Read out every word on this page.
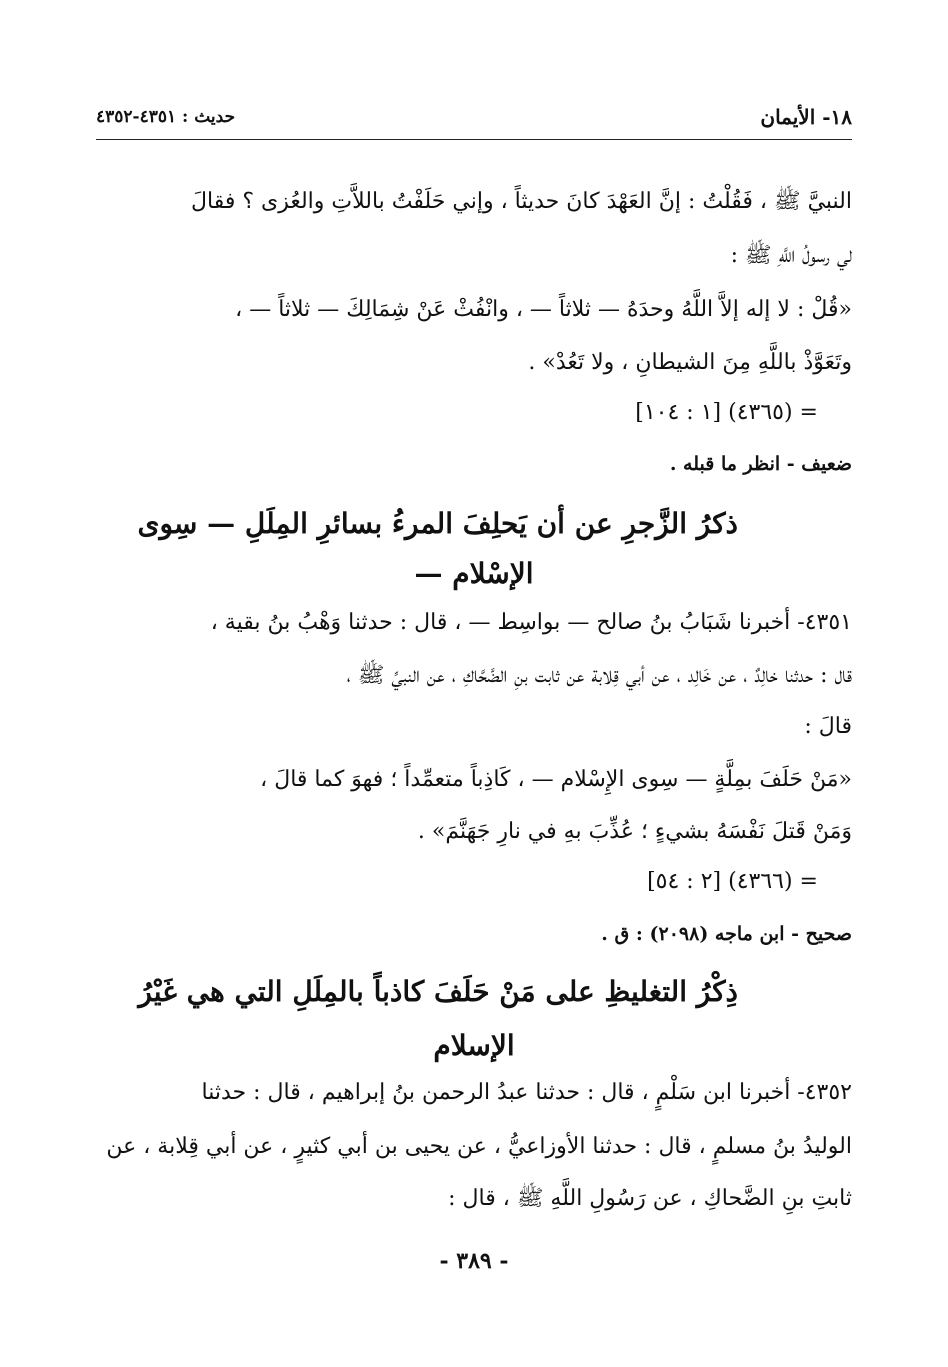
١٨- الأيمان
حديث : ٤٣٥١-٤٣٥٢
النبيَّ ﷺ ، فَقُلْتُ : إنَّ العَهْدَ كانَ حديثاً ، وإني حَلَفْتُ باللاَّتِ والعُزى ؟ فقالَ
لي رسولُ اللَّهِ ﷺ :
«قُلْ : لا إله إلاَّ اللَّهُ وحدَهُ — ثلاثاً — ، وانْفُثْ عَنْ شِمَالِكَ — ثلاثاً — ،
وتَعَوَّذْ باللَّهِ مِنَ الشيطانِ ، ولا تَعُدْ» .
= (٤٣٦٥) [١ : ١٠٤]
ضعيف - انظر ما قبله .
ذكرُ الزَّجرِ عن أن يَحلِفَ المرءُ بسائرِ المِلَلِ — سِوى
الإسْلام —
٤٣٥١- أخبرنا شَبَابُ بنُ صالح — بواسِط — ، قال : حدثنا وَهْبُ بنُ بقية ،
قال : حدثنا خالِدٌ ، عن خَالِد ، عن أبي قِلابة عن ثابت بنِ الضَّحَّاكِ ، عن النبيِّ ﷺ ،
قالَ :
«مَنْ حَلَفَ بمِلَّةٍ — سِوى الإِسْلام — ، كَاذِباً متعمِّداً ؛ فهوَ كما قالَ ،
وَمَنْ قَتلَ نَفْسَهُ بشيءٍ ؛ عُذِّبَ بهِ في نارِ جَهَنَّمَ» .
= (٤٣٦٦) [٢ : ٥٤]
صحيح - ابن ماجه (٢٠٩٨) : ق .
ذِكْرُ التغليظِ على مَنْ حَلَفَ كاذباً بالمِلَلِ التي هي غَيْرُ
الإسلام
٤٣٥٢- أخبرنا ابن سَلْمٍ ، قال : حدثنا عبدُ الرحمن بنُ إبراهيم ، قال : حدثنا
الوليدُ بنُ مسلمٍ ، قال : حدثنا الأوزاعيُّ ، عن يحيى بن أبي كثيرٍ ، عن أبي قِلابة ، عن
ثابتِ بنِ الضَّحاكِ ، عن رَسُولِ اللَّهِ ﷺ ، قال :
- ٣٨٩ -
